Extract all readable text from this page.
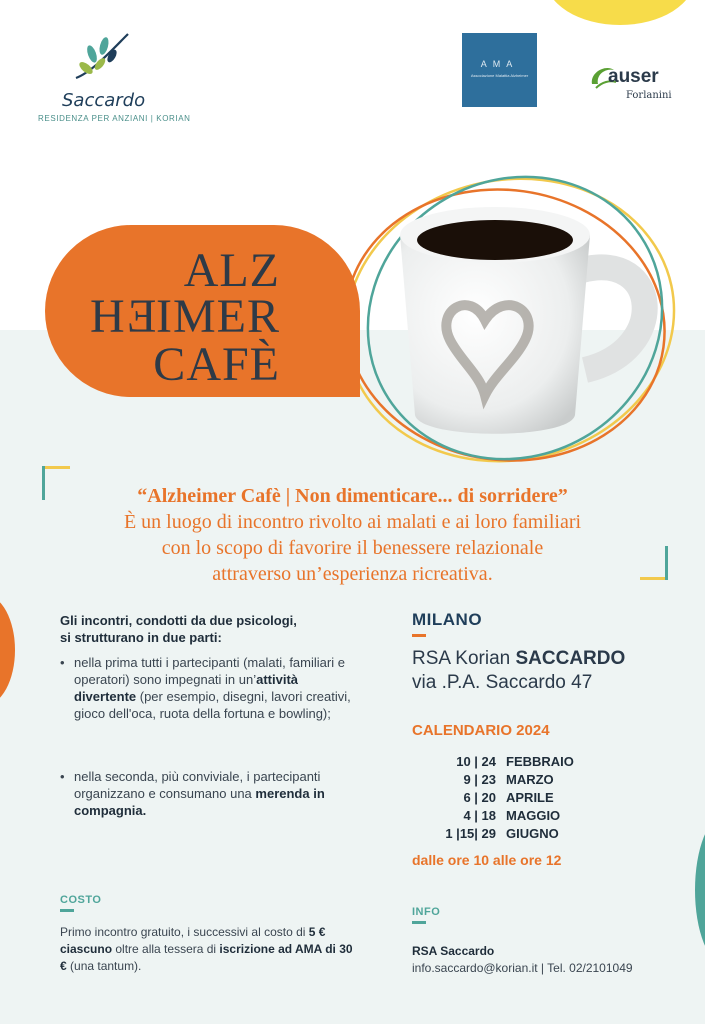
Saccardo
RESIDENZA PER ANZIANI | KORIAN
AMA
Associazione Malattia Alzheimer	auser
Forlanini
ALZ
HEIMER
CAFÈ
“Alzheimer Cafè | Non dimenticare... di sorridere”
È un luogo di incontro rivolto ai malati e ai loro familiari
con lo scopo di favorire il benessere relazionale
attraverso un’esperienza ricreativa.
Gli incontri, condotti da due psicologi,
si strutturano in due parti:
• nella prima tutti i partecipanti (malati, familiari e operatori) sono impegnati in un’attività divertente (per esempio, disegni, lavori creativi, gioco dell'oca, ruota della fortuna e bowling);
• nella seconda, più conviviale, i partecipanti organizzano e consumano una merenda in compagnia.
COSTO
Primo incontro gratuito, i successivi al costo di 5 € ciascuno oltre alla tessera di iscrizione ad AMA di 30 € (una tantum).
MILANO
RSA Korian SACCARDO
via .P.A. Saccardo 47
CALENDARIO 2024
10 | 24 FEBBRAIO
9 | 23 MARZO
6 | 20 APRILE
4 | 18 MAGGIO
1 |15| 29 GIUGNO
dalle ore 10 alle ore 12
INFO
RSA Saccardo
info.saccardo@korian.it | Tel. 02/2101049
